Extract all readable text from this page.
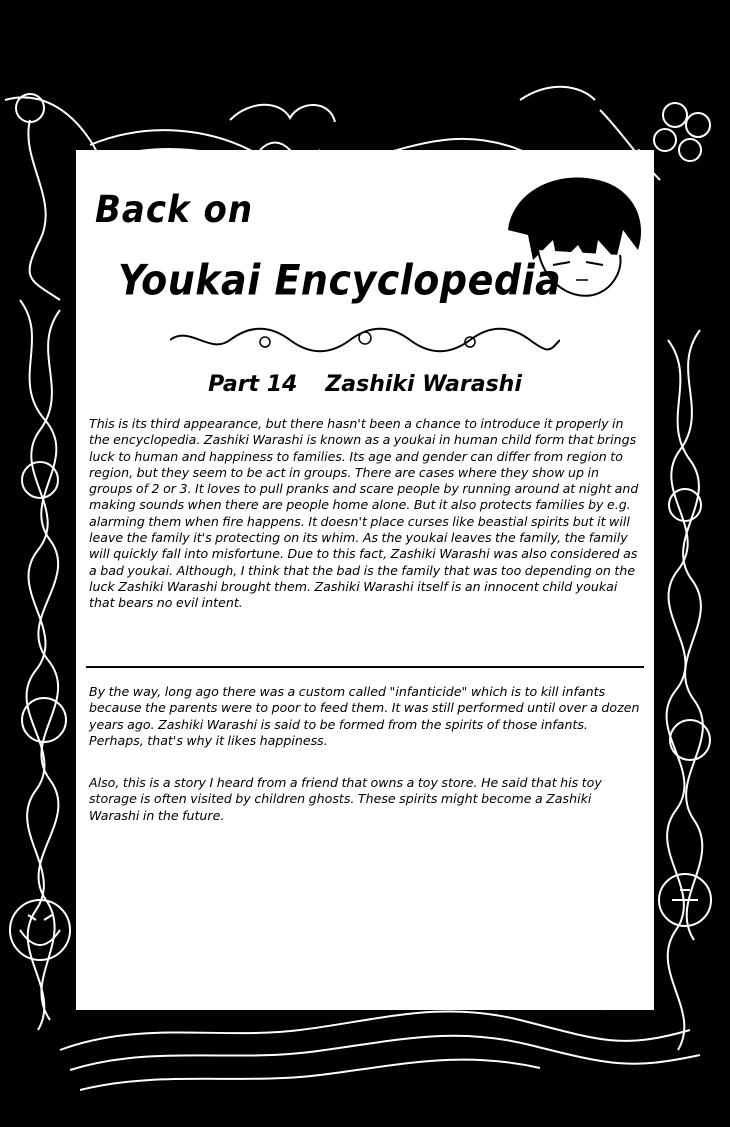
Back on
Youkai Encyclopedia
Part 14 Zashiki Warashi

This is its third appearance, but there hasn't been a chance to introduce it properly in the encyclopedia. Zashiki Warashi is known as a youkai in human child form that brings luck to human and happiness to families. Its age and gender can differ from region to region, but they seem to be act in groups. There are cases where they show up in groups of 2 or 3. It loves to pull pranks and scare people by running around at night and making sounds when there are people home alone. But it also protects families by e.g. alarming them when fire happens. It doesn't place curses like beastial spirits but it will leave the family it's protecting on its whim. As the youkai leaves the family, the family will quickly fall into misfortune. Due to this fact, Zashiki Warashi was also considered as a bad youkai. Although, I think that the bad is the family that was too depending on the luck Zashiki Warashi brought them. Zashiki Warashi itself is an innocent child youkai that bears no evil intent.

By the way, long ago there was a custom called "infanticide" which is to kill infants because the parents were to poor to feed them. It was still performed until over a dozen years ago. Zashiki Warashi is said to be formed from the spirits of those infants. Perhaps, that's why it likes happiness.

Also, this is a story I heard from a friend that owns a toy store. He said that his toy storage is often visited by children ghosts. These spirits might become a Zashiki Warashi in the future.
